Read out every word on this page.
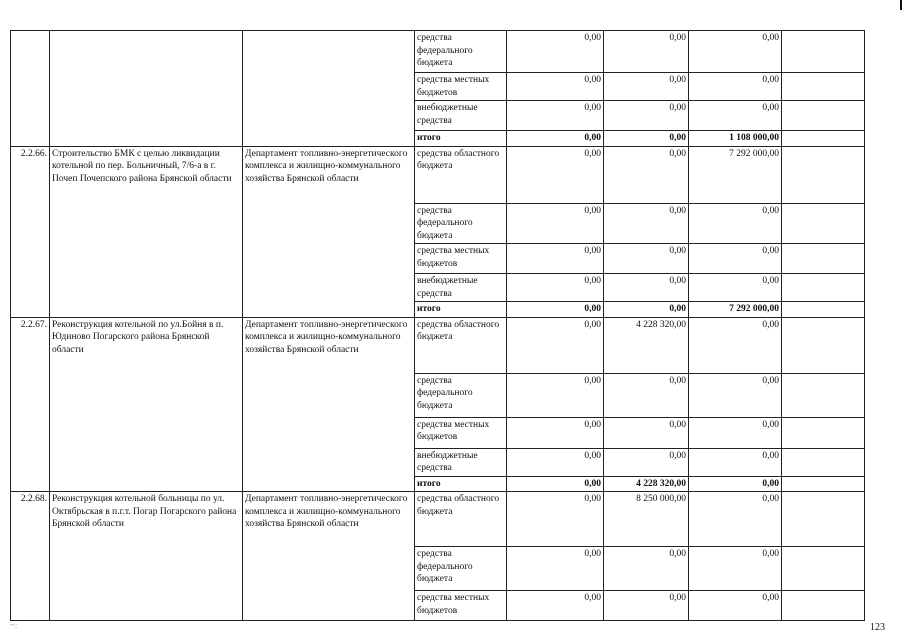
			средства федерального бюджета	0,00	0,00	0,00	
			средства местных бюджетов	0,00	0,00	0,00	
			внебюджетные средства	0,00	0,00	0,00	
			итого	0,00	0,00	1 108 000,00	
2.2.66.	Строительство БМК с целью ликвидации котельной по пер. Больничный, 7/6-а в г. Почеп Почепского района Брянской области	Департамент топливно-энергетического комплекса и жилищно-коммунального хозяйства Брянской области	средства областного бюджета	0,00	0,00	7 292 000,00	
			средства федерального бюджета	0,00	0,00	0,00	
			средства местных бюджетов	0,00	0,00	0,00	
			внебюджетные средства	0,00	0,00	0,00	
			итого	0,00	0,00	7 292 000,00	
2.2.67.	Реконструкция котельной по ул.Бойня в п. Юдиново Погарского района Брянской области	Департамент топливно-энергетического комплекса и жилищно-коммунального хозяйства Брянской области	средства областного бюджета	0,00	4 228 320,00	0,00	
			средства федерального бюджета	0,00	0,00	0,00	
			средства местных бюджетов	0,00	0,00	0,00	
			внебюджетные средства	0,00	0,00	0,00	
			итого	0,00	4 228 320,00	0,00	
2.2.68.	Реконструкция котельной больницы по ул. Октябрьская в п.г.т. Погар Погарского района Брянской области	Департамент топливно-энергетического комплекса и жилищно-коммунального хозяйства Брянской области	средства областного бюджета	0,00	8 250 000,00	0,00	
			средства федерального бюджета	0,00	0,00	0,00	
			средства местных бюджетов	0,00	0,00	0,00	
123
~:
